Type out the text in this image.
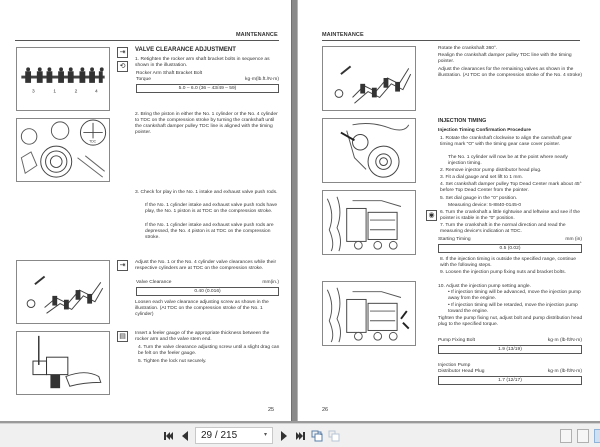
MAINTENANCE
3	1	2	4
TDC
⇥
⟲
⇥
▤
VALVE CLEARANCE ADJUSTMENT
1. Retighten the rocker arm shaft bracket bolts in sequence as shown in the illustration.
Rocker Arm Shaft Bracket Bolt
Torque	kg·m(lb.ft./N·m)
5.0 – 6.0 (36 – 43/49 – 59)
2. Bring the piston in either the No. 1 cylinder or the No. 4 cylinder to TDC on the compression stroke by turning the crankshaft until the crankshaft damper pulley TDC line is aligned with the timing pointer.
3. Check for play in the No. 1 intake and exhaust valve push rods.
If the No. 1 cylinder intake and exhaust valve push rods have play, the No. 1 piston is at TDC on the compression stroke.
If the No. 1 cylinder intake and exhaust valve push rods are depressed, the No. 4 piston is at TDC on the compression stroke.
Adjust the No. 1 or the No. 4 cylinder valve clearances while their respective cylinders are at TDC on the compression stroke.
Valve Clearance	mm(in.)
0.40 (0.016)
Loosen each valve clearance adjusting screw as shown in the illustration. (At TDC on the compression stroke of the No. 1 cylinder)
Insert a feeler gauge of the appropriate thickness between the rocker arm and the valve stem end.
4. Turn the valve clearance adjusting screw until a slight drag can be felt on the feeler gauge.
5. Tighten the lock nut securely.
25
MAINTENANCE
◉
Rotate the crankshaft 360°.
Realign the crankshaft damper pulley TDC line with the timing pointer.
Adjust the clearances for the remaining valves as shown in the illustration. (At TDC on the compression stroke of the No. 4 stroke)
INJECTION TIMING
Injection Timing Confirmation Procedure
1. Rotate the crankshaft clockwise to align the camshaft gear timing mark "O" with the timing gear case cover pointer.
The No. 1 cylinder will now be at the point where nearly injection timing.
2. Remove injector pump distributor head plug.
3. Fit a dial gauge and set lift to 1 mm.
4. Set crankshaft damper pulley Top Dead Center mark about 45° before Top Dead Center from the pointer.
5. Set dial gauge in the "0" position.
Measuring device: 5-8840-0145-0
6. Turn the crankshaft a little rightwise and leftwise and see if the pointer is stable in the "0" position.
7. Turn the crankshaft in the normal direction and read the measuring device's indication at TDC.
Starting Timing	mm (in)
0.5 (0.02)
8. If the injection timing is outside the specified range, continue with the following steps.
9. Loosen the injection pump fixing nuts and bracket bolts.
10. Adjust the injection pump setting angle.
• If injection timing will be advanced, move the injection pump away from the engine.
• If injection timing will be retarded, move the injection pump toward the engine.
Tighten the pump fixing nut, adjust bolt and pump distribution head plug to the specified torque.
Pump Fixing Bolt	kg·m (lb·ft/N·m)
1.9 (13/19)
Injection Pump
Distributor Head Plug	kg·m (lb·ft/N·m)
1.7 (12/17)
26
29 / 215	▾
